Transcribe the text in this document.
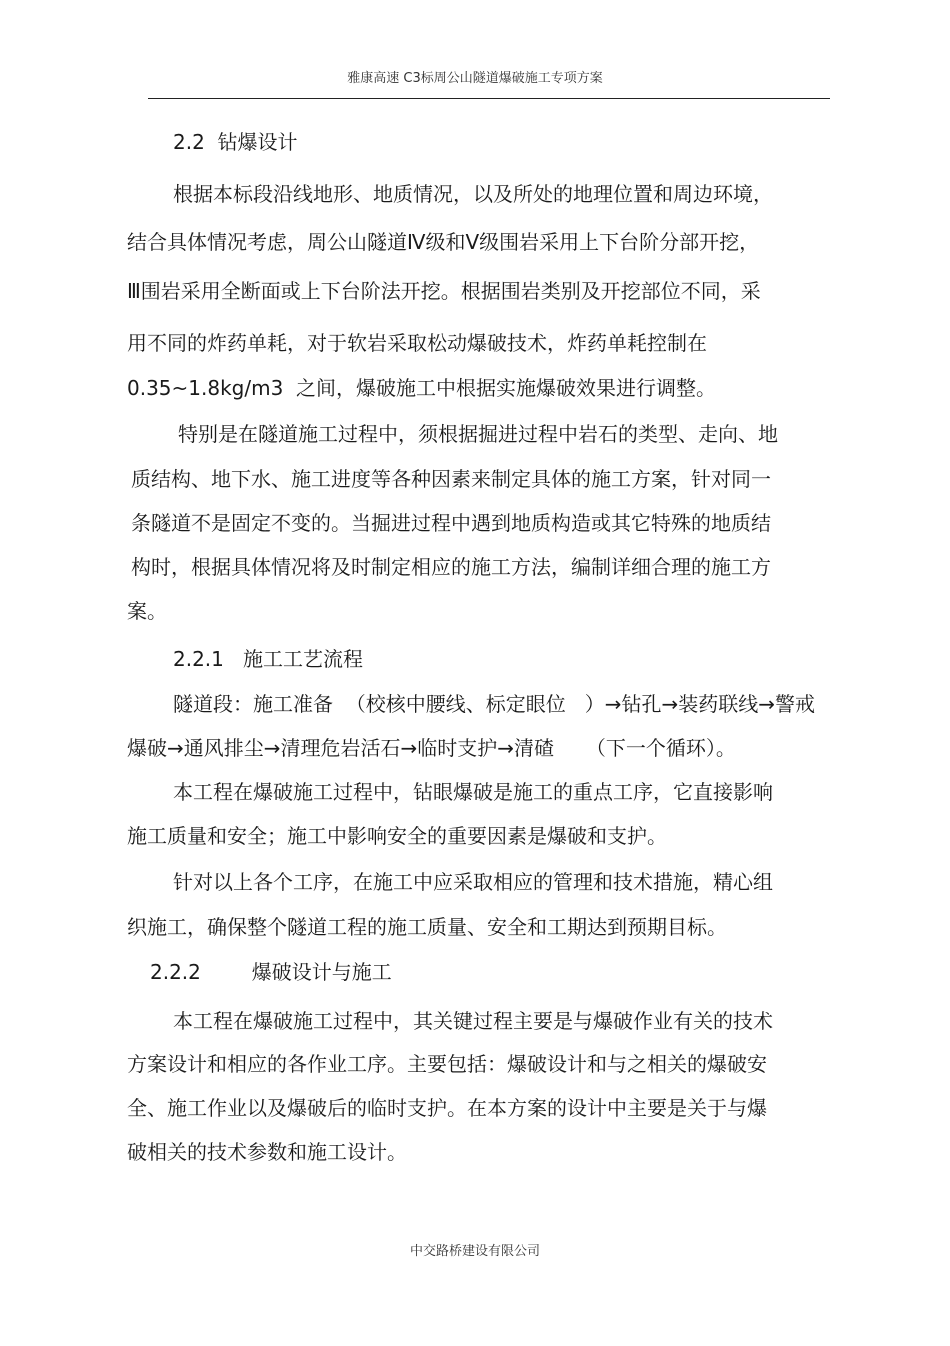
雅康高速 C3标周公山隧道爆破施工专项方案
2.2  钻爆设计
根据本标段沿线地形、地质情况，以及所处的地理位置和周边环境，
结合具体情况考虑，周公山隧道Ⅳ级和Ⅴ级围岩采用上下台阶分部开挖，
Ⅲ围岩采用全断面或上下台阶法开挖。根据围岩类别及开挖部位不同，采
用不同的炸药单耗，对于软岩采取松动爆破技术，炸药单耗控制在
0.35~1.8kg/m3  之间，爆破施工中根据实施爆破效果进行调整。
特别是在隧道施工过程中，须根据掘进过程中岩石的类型、走向、地
质结构、地下水、施工进度等各种因素来制定具体的施工方案，针对同一
条隧道不是固定不变的。当掘进过程中遇到地质构造或其它特殊的地质结
构时，根据具体情况将及时制定相应的施工方法，编制详细合理的施工方
案。
2.2.1   施工工艺流程
隧道段：施工准备  （校核中腰线、标定眼位   ）→钻孔→装药联线→警戒
爆破→通风排尘→清理危岩活石→临时支护→清碴     （下一个循环）。
本工程在爆破施工过程中，钻眼爆破是施工的重点工序，它直接影响
施工质量和安全；施工中影响安全的重要因素是爆破和支护。
针对以上各个工序，在施工中应采取相应的管理和技术措施，精心组
织施工，确保整个隧道工程的施工质量、安全和工期达到预期目标。
2.2.2        爆破设计与施工
本工程在爆破施工过程中，其关键过程主要是与爆破作业有关的技术
方案设计和相应的各作业工序。主要包括：爆破设计和与之相关的爆破安
全、施工作业以及爆破后的临时支护。在本方案的设计中主要是关于与爆
破相关的技术参数和施工设计。
中交路桥建设有限公司
